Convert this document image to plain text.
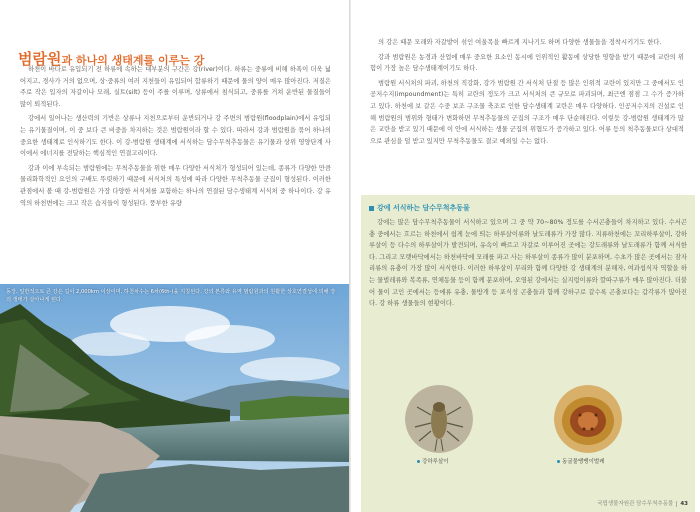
범람원과 하나의 생태계를 이루는 강

하천이 바다로 유입되기 전 하류에 속하는 대부분의 구간은 강(river)이다. 하류는 중류에 비해 하폭이 더욱 넓어지고, 경사가 거의 없으며, 상·중류의 여러 지천들이 유입되어 합류하기 때문에 물의 양이 매우 많아진다. 저질은 주로 작은 입자의 자갈이나 모래, 실트(silt) 등이 주를 이루며, 상류에서 침식되고, 중류를 거쳐 운반된 물질들이 많이 퇴적된다.

강에서 일어나는 생산력의 기반은 상류나 지천으로부터 운반되거나 강 주변의 범람원(floodplain)에서 유입되는 유기물질이며, 이 중 보다 큰 비중을 차지하는 것은 범람원이라 할 수 있다. 따라서 강과 범람원을 묶어 하나의 중요한 생태계로 인식하기도 한다. 이 강-범람원 생태계에 서식하는 담수무척추동물은 유기물과 상위 영양단계 사이에서 에너지를 전달하는 핵심적인 연결고리이다.

강과 이에 부속되는 범람원에는 무척추동물을 위한 매우 다양한 서식처가 형성되어 있는데, 종류가 다양한 만큼 물리화학적인 요인의 구배도 뚜렷하기 때문에 서식처의 특성에 따라 다양한 무척추동물 군집이 형성된다. 이러한 관점에서 볼 때 강-범람원은 가장 다양한 서식처를 포함하는 하나의 연결된 담수생태계 서식처 중 하나이다. 강 유역의 하천변에는 크고 작은 습지들이 형성된다. 풍부한 유량

동강. 일반적으로 큰 강은 길이 2,000km 이상이며, 하천차수는 6차(6th-)을 지칭된다. 강의 본류와 유역 범람원과의 원활한 상호연결성에 의해 강의 생태가 살아나게 된다.

의 강은 때문 모래와 자갈밭이 섞인 여울목을 빠르게 지나기도 하며 다양한 생물들을 정착시키기도 한다.

강과 범람원은 농경과 산업에 매우 중요한 요소인 동시에 인위적인 활동에 상당한 영향을 받기 때문에 교란의 위험이 가장 높은 담수생태계이기도 하다.

범람원 서식처의 파괴, 하천의 직강화, 강가 범람원 간 서식처 단절 등 많은 인위적 교란이 있지만 그 중에서도 인공저수지(impoundment)는 특히 교란의 정도가 크고 서식처의 큰 규모로 파괴되며, 최근엔 점점 그 수가 증가하고 있다. 하천에 보 같은 수중 보조 구조물 축조로 인한 담수생태계 교란은 매우 다양하다. 인공저수지의 건설로 인해 범람원의 범위와 형태가 변화하면 무척추동물의 군집의 구조가 매우 단순해진다. 이렇듯 강-범람원 생태계가 많은 교란을 받고 있기 때문에 이 안에 서식하는 생물 군집의 위협도가 증가하고 있다. 어류 등의 척추동물보다 상대적으로 관심을 덜 받고 있지만 무척추동물도 결코 예외일 수는 없다.

강에 서식하는 담수무척추동물

강에는 많은 담수무척추동물이 서식하고 있으며 그 중 약 70~80% 정도를 수서곤충들이 차지하고 있다. 수서곤충 중에서는 흐르는 하천에서 쉽게 눈에 띄는 하루살이류와 날도래류가 가장 많다. 지류하천에는 꼬리하루살이, 강하루살이 등 다수의 하루살이가 발견되며, 유속이 빠르고 자갈로 이루어진 곳에는 강도래류와 날도래류가 함께 서식한다. 그리고 모랫바닥에서는 하천바닥에 모래를 파고 사는 하루살이 종류가 많이 분포하며, 수초가 많은 곳에서는 잠자리류의 유충이 가장 많이 서식한다. 이러한 하루살이 무리와 함께 다양한 강 생태계의 분해자, 여과섭식자 역할을 하는 물벌레류와 복족류, 연체동물 등이 함께 분포하며, 오염된 강에서는 실지렁이류와 깔따구류가 매우 많아진다. 더불어 물이 고인 곳에서는 등에류 유충, 물방개 등 포식성 곤충들과 함께 강하구로 갈수록 곤충보다는 갑각류가 많아진다. 강 하류 생물들의 현황이다.

강하루살이	동굴물땡땡이벌레

국립생물자원관 담수무척추동물 43
